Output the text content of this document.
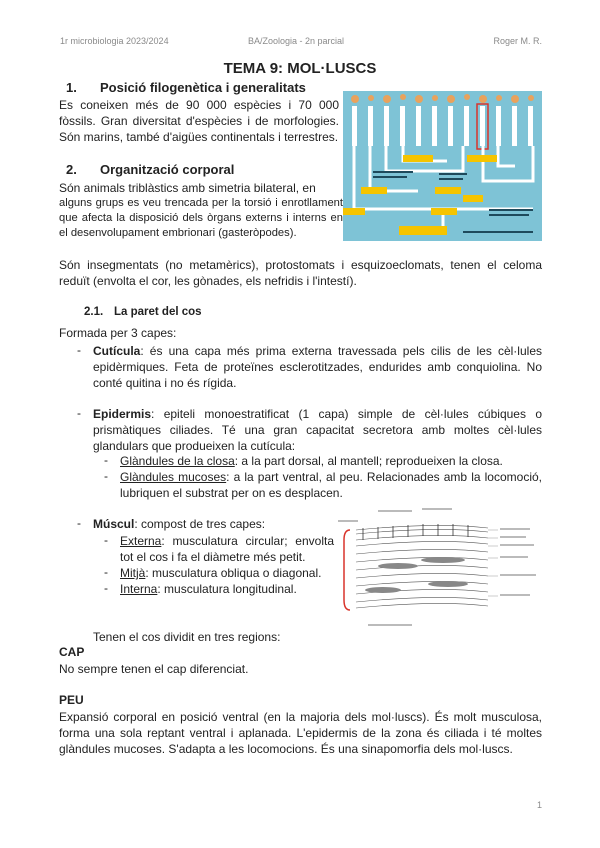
1r microbiologia 2023/2024	BA/Zoologia - 2n parcial	Roger M. R.
TEMA 9: MOL·LUSCS
1. Posició filogenètica i generalitats
Es coneixen més de 90 000 espècies i 70 000 fòssils. Gran diversitat d'espècies i de morfologies. Són marins, també d'aigües continentals i terrestres.
2. Organització corporal
Són animals triblàstics amb simetria bilateral, en
alguns grups es veu trencada per la torsió i enrotllament que afecta la disposició dels òrgans externs i interns en el desenvolupament embrionari (gasteròpodes).
Són insegmentats (no metamèrics), protostomats i esquizoeclomats, tenen el celoma reduït (envolta el cor, les gònades, els nefridis i l'intestí).
2.1. La paret del cos
Formada per 3 capes:
- Cutícula: és una capa més prima externa travessada pels cilis de les cèl·lules epidèrmiques. Feta de proteïnes esclerotitzades, endurides amb conquiolina. No conté quitina i no és rígida.
- Epidermis: epiteli monoestratificat (1 capa) simple de cèl·lules cúbiques o prismàtiques ciliades. Té una gran capacitat secretora amb moltes cèl·lules glandulars que produeixen la cutícula:
- Glàndules de la closa: a la part dorsal, al mantell; reprodueixen la closa.
- Glàndules mucoses: a la part ventral, al peu. Relacionades amb la locomoció, lubriquen el substrat per on es desplacen.
- Múscul: compost de tres capes:
- Externa: musculatura circular; envolta tot el cos i fa el diàmetre més petit.
- Mitjà: musculatura obliqua o diagonal.
- Interna: musculatura longitudinal.
Tenen el cos dividit en tres regions:
CAP
No sempre tenen el cap diferenciat.
PEU
Expansió corporal en posició ventral (en la majoria dels mol·luscs). És molt musculosa, forma una sola reptant ventral i aplanada. L'epidermis de la zona és ciliada i té moltes glàndules mucoses. S'adapta a les locomocions. És una sinapomorfia dels mol·luscs.
1
